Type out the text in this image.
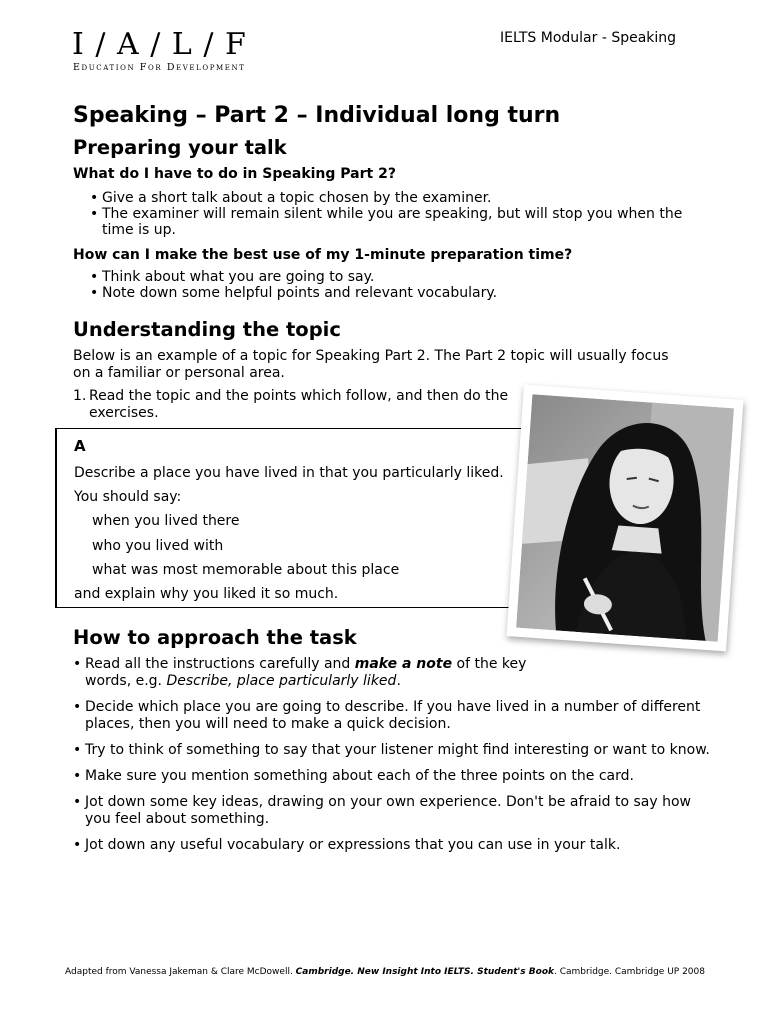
I / A / L / F
Education For Development
IELTS Modular - Speaking
Speaking – Part 2 – Individual long turn
Preparing your talk
What do I have to do in Speaking Part 2?
• Give a short talk about a topic chosen by the examiner.
• The examiner will remain silent while you are speaking, but will stop you when the time is up.
How can I make the best use of my 1-minute preparation time?
• Think about what you are going to say.
• Note down some helpful points and relevant vocabulary.
Understanding the topic
Below is an example of a topic for Speaking Part 2. The Part 2 topic will usually focus on a familiar or personal area.
1. Read the topic and the points which follow, and then do the exercises.
A
Describe a place you have lived in that you particularly liked.
You should say:
when you lived there
who you lived with
what was most memorable about this place
and explain why you liked it so much.
How to approach the task
• Read all the instructions carefully and make a note of the key words, e.g. Describe, place particularly liked.
• Decide which place you are going to describe. If you have lived in a number of different places, then you will need to make a quick decision.
• Try to think of something to say that your listener might find interesting or want to know.
• Make sure you mention something about each of the three points on the card.
• Jot down some key ideas, drawing on your own experience. Don't be afraid to say how you feel about something.
• Jot down any useful vocabulary or expressions that you can use in your talk.
Adapted from Vanessa Jakeman & Clare McDowell. Cambridge. New Insight Into IELTS. Student's Book. Cambridge. Cambridge UP 2008
